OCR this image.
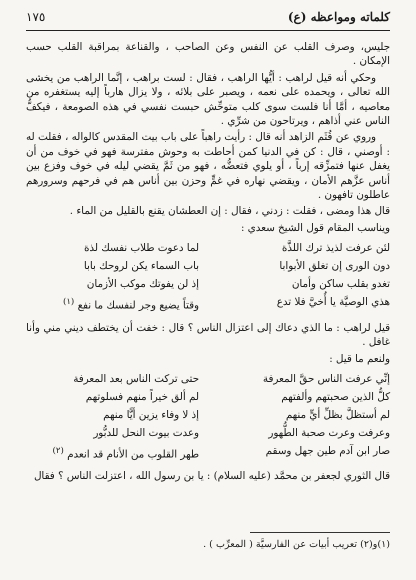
كلماته ومواعظه (ع)
١٧٥

جليس، وصرف القلب عن النفس وعن الصاحب ، والقناعة بمراقبة القلب حسب الإمكان .

وحكي أنه قيل لراهب : أيُّها الراهب ، فقال : لست براهب ، إنَّما الراهب من يخشى الله تعالى ، ويحمده على نعمه ، ويصبر على بلائه ، ولا يزال هارباً إليه يستغفره من معاصيه ، أمَّا أنا فلست سوى كلب متوحِّش حبست نفسي في هذه الصومعة ، فيكفُّ الناس عني أذاهم ، ويرتاحون من شرِّي .

وروي عن قُثَم الزاهد أنه قال : رأيت راهباً على باب بيت المقدس كالواله ، فقلت له : أوصني ، قال : كن في الدنيا كمن أحاطت به وحوش مفترسة فهو في خوف من أن يغفل عنها فتمزِّقه إرباً ، أو يلوي فتعضُّه ، فهو من ثَمَّ يقضي ليله في خوف وفزع بين أناس عزَّهم الأمان ، ويقضي نهاره في غمٍّ وحزن بين أناس هم في فرحهم وسرورهم عاطلون تافهون .

قال هذا ومضى ، فقلت : زدني ، فقال : إن العطشان يقنع بالقليل من الماء .

ويناسب المقام قول الشيخ سعدي :

لئن عرفت لذيذ ترك اللذَّة
دون الورى إن تغلق الأبوابا
تغدو بقلب ساكن وأمان
هذي الوصيَّة يا أُخيَّ فلا تدع
لما دعوت طلاب نفسك لذة
باب السماء يكن لروحك بابا
إذ لن يفوتك موكب الأزمان
وقتاً يضيع وجر لنفسك ما نفع $^{(١)}$

قيل لراهب : ما الذي دعاك إلى اعتزال الناس ؟ قال : خفت أن يختطف ديني مني وأنا غافل .

ولنعم ما قيل :

إنِّي عرفت الناس حقَّ المعرفة
كلُّ الذين صحبتهم وألفتهم
لم أستظلَّ بظلِّ أيٍّ منهم
وعرفت وعرت صحبة الطُّهور
صار ابن آدم طين جهل وسقم
حتى تركت الناس بعد المعرفة
لم ألق خيراً منهم فسلوتهم
إذ لا وفاء يزين أيًّا منهم
وعدت بيوت النحل للدبُّور
طهر القلوب من الأنام قد انعدم $^{(٢)}$

قال الثوري لجعفر بن محمَّد (عليه السلام) : يا بن رسول الله ، اعتزلت الناس ؟ فقال

(١)و(٢) تعريب أبيات عن الفارسيَّة ( المعرِّب ) .
